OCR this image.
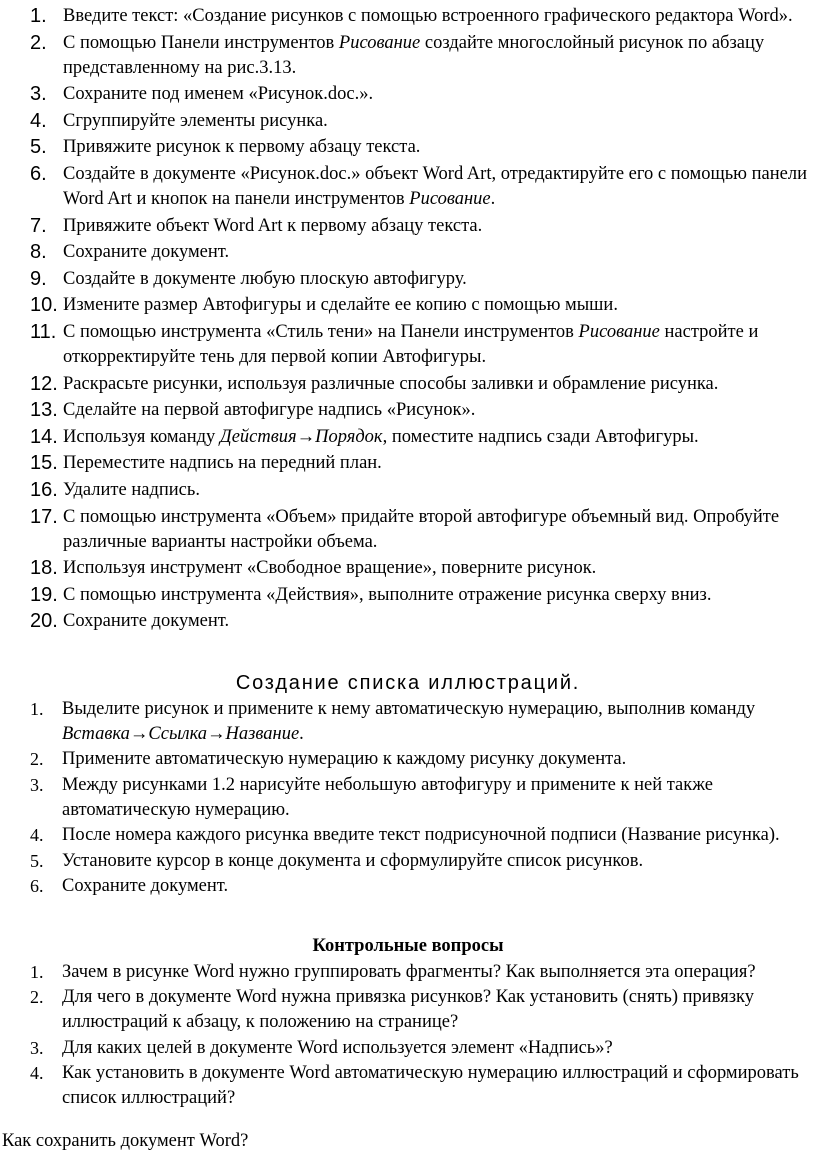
1. Введите текст: «Создание рисунков с помощью встроенного графического редактора Word».
2. С помощью Панели инструментов Рисование создайте многослойный рисунок по абзацу представленному на рис.3.13.
3. Сохраните под именем «Рисунок.doc.».
4. Сгруппируйте элементы рисунка.
5. Привяжите рисунок к первому абзацу текста.
6. Создайте в документе «Рисунок.doc.» объект Word Art, отредактируйте его с помощью панели Word Art и кнопок на панели инструментов Рисование.
7. Привяжите объект Word Art к первому абзацу текста.
8. Сохраните документ.
9. Создайте в документе любую плоскую автофигуру.
10. Измените размер Автофигуры и сделайте ее копию с помощью мыши.
11. С помощью инструмента «Стиль тени» на Панели инструментов Рисование настройте и откорректируйте тень для первой копии Автофигуры.
12. Раскрасьте рисунки, используя различные способы заливки и обрамление рисунка.
13. Сделайте на первой автофигуре надпись «Рисунок».
14. Используя команду Действия→Порядок, поместите надпись сзади Автофигуры.
15. Переместите надпись на передний план.
16. Удалите надпись.
17. С помощью инструмента «Объем» придайте второй автофигуре объемный вид. Опробуйте различные варианты настройки объема.
18. Используя инструмент «Свободное вращение», поверните рисунок.
19. С помощью инструмента «Действия», выполните отражение рисунка сверху вниз.
20. Сохраните документ.
Создание списка иллюстраций.
1. Выделите рисунок и примените к нему автоматическую нумерацию, выполнив команду Вставка→Ссылка→Название.
2. Примените автоматическую нумерацию к каждому рисунку документа.
3. Между рисунками 1.2 нарисуйте небольшую автофигуру и примените к ней также автоматическую нумерацию.
4. После номера каждого рисунка введите текст подрисуночной подписи (Название рисунка).
5. Установите курсор в конце документа и сформулируйте список рисунков.
6. Сохраните документ.
Контрольные вопросы
1. Зачем в рисунке Word нужно группировать фрагменты? Как выполняется эта операция?
2. Для чего в документе Word нужна привязка рисунков? Как установить (снять) привязку иллюстраций к абзацу, к положению на странице?
3. Для каких целей в документе Word используется элемент «Надпись»?
4. Как установить в документе Word автоматическую нумерацию иллюстраций и сформировать список иллюстраций?
Как сохранить документ Word?
